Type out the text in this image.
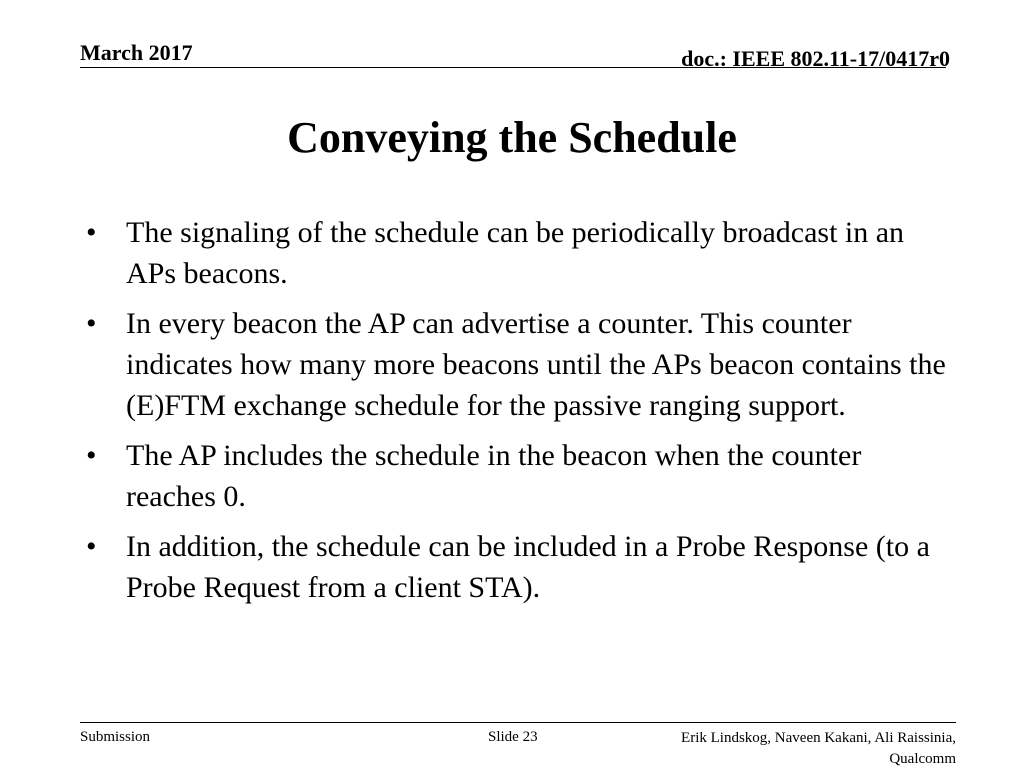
March 2017	doc.: IEEE 802.11-17/0417r0
Conveying the Schedule
• The signaling of the schedule can be periodically broadcast in an APs beacons.
• In every beacon the AP can advertise a counter. This counter indicates how many more beacons until the APs beacon contains the (E)FTM exchange schedule for the passive ranging support.
• The AP includes the schedule in the beacon when the counter reaches 0.
• In addition, the schedule can be included in a Probe Response (to a Probe Request from a client STA).
Submission	Slide 23	Erik Lindskog, Naveen Kakani, Ali Raissinia, Qualcomm
